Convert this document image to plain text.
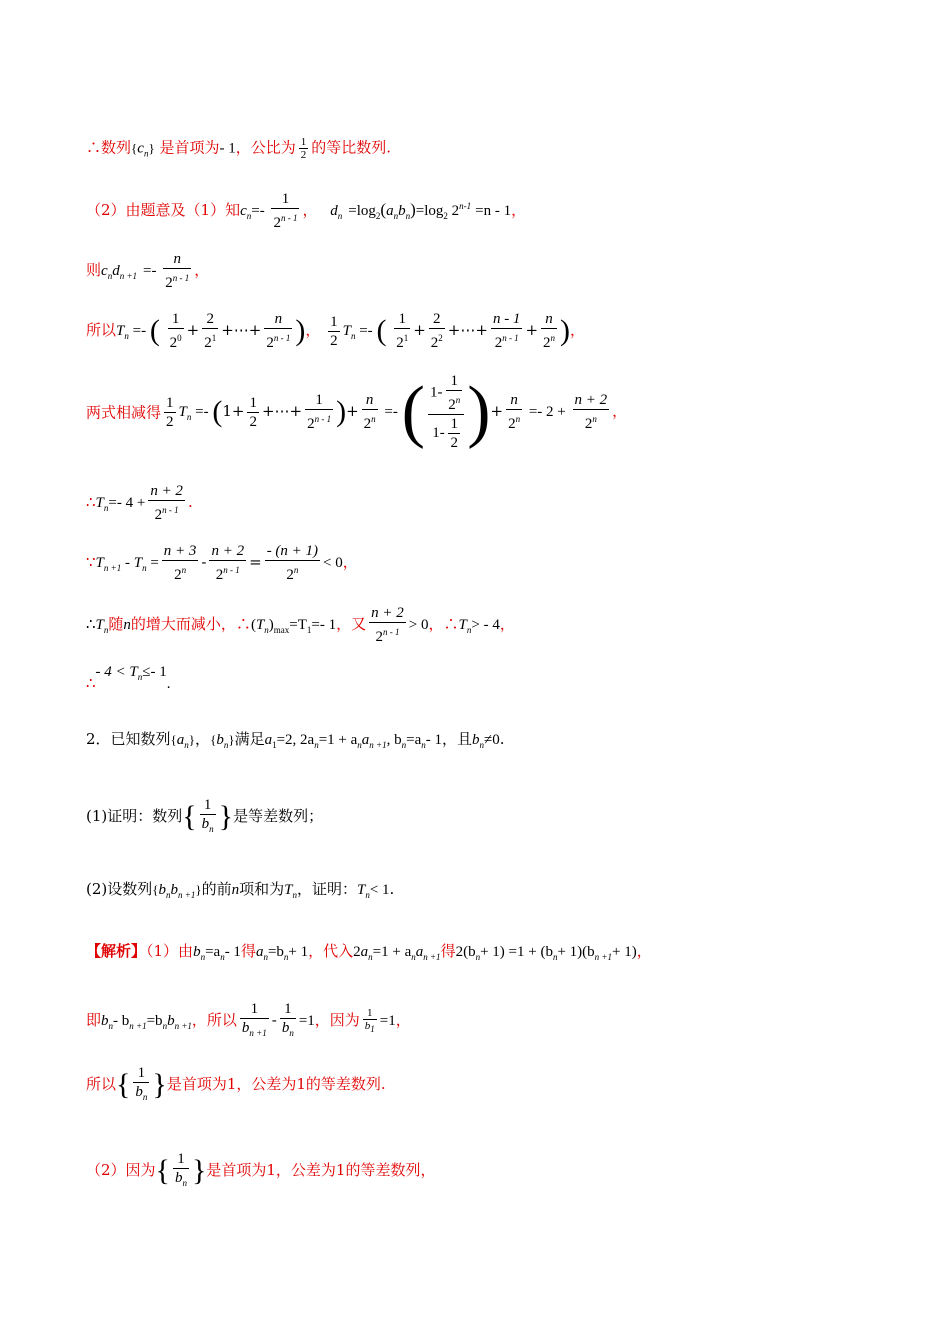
∴数列$\{c_n\}$ 是首项为- 1，公比为 $\frac{1}{2}$ 的等比数列.
（2）由题意及（1）知$c_n=- \frac{1}{2^{n - 1}}$ ， $d_n =\log_2(a_nb_n)=\log_2$ $2^{n-1} =n - 1$，
则$c_nd_{n +1} =- \frac{n}{2^{n - 1}}$ ，
所以$T_n$ =- ( $\frac{1}{2^0} + \frac{2}{2^1}$ +⋯+ $\frac{n}{2^{n - 1}}$ )， $\frac{1}{2} T_n$ =- ( $\frac{1}{2^1} + \frac{2}{2^2}$ +⋯+ $\frac{n - 1}{2^{n - 1}} + \frac{n}{2^n}$ )，
两式相减得 $\frac{1}{2} T_n =- (1+ \frac{1}{2}$ +⋯+ $\frac{1}{2^{n - 1}}$ )+ $\frac{n}{2^n}$ =- ( $\frac{1- \frac{1}{2^n}}{1- \frac{1}{2}}$ )+ $\frac{n}{2^n} =- 2 + \frac{n + 2}{2^n}$ ，
$\therefore T_n=-$ $4 + \frac{n + 2}{2^{n - 1}}$ .
$\because T_{n +1} - T_n = \frac{n + 3}{2^n} - \frac{n + 2}{2^{n - 1}} = \frac{- (n + 1)}{2^n} < 0$，
$\therefore T_n$随n的增大而减小，$\therefore(T_n)_{max}=T_1=-$ 1，又 $\frac{n + 2}{2^{n - 1}} > 0$，$\therefore T_n> - 4$，
∴- $4 < T_n\le-$ 1.
2．已知数列$\{a_n\}$，$\{b_n\}$满足$a_1=2$, $2a_n=1 + a_na_{n +1}$, $b_n=a_n-$ 1，且$b_n\ne 0$.
(1)证明：数列{ $\frac{1}{b_n}$ }是等差数列；
(2)设数列$\{b_nb_{n +1}\}$的前n项和为$T_n$，证明：$T_n< 1$.
【解析】（1）由$b_n=a_n-$ 1得$a_n=b_n+ 1$，代入$2a_n=1 + a_na_{n +1}$得$2(b_n+ 1) =1 + (b_n+ 1)(b_{n +1}+ 1)$，
即$b_n-$ $b_{n +1}=b_nb_{n +1}$，所以 $\frac{1}{b_{n +1}} - \frac{1}{b_n} =1$，因为 $\frac{1}{b_1} =1$，
所以{ $\frac{1}{b_n}$ }是首项为1，公差为1的等差数列.
（2）因为{ $\frac{1}{b_n}$ }是首项为1，公差为1的等差数列，
